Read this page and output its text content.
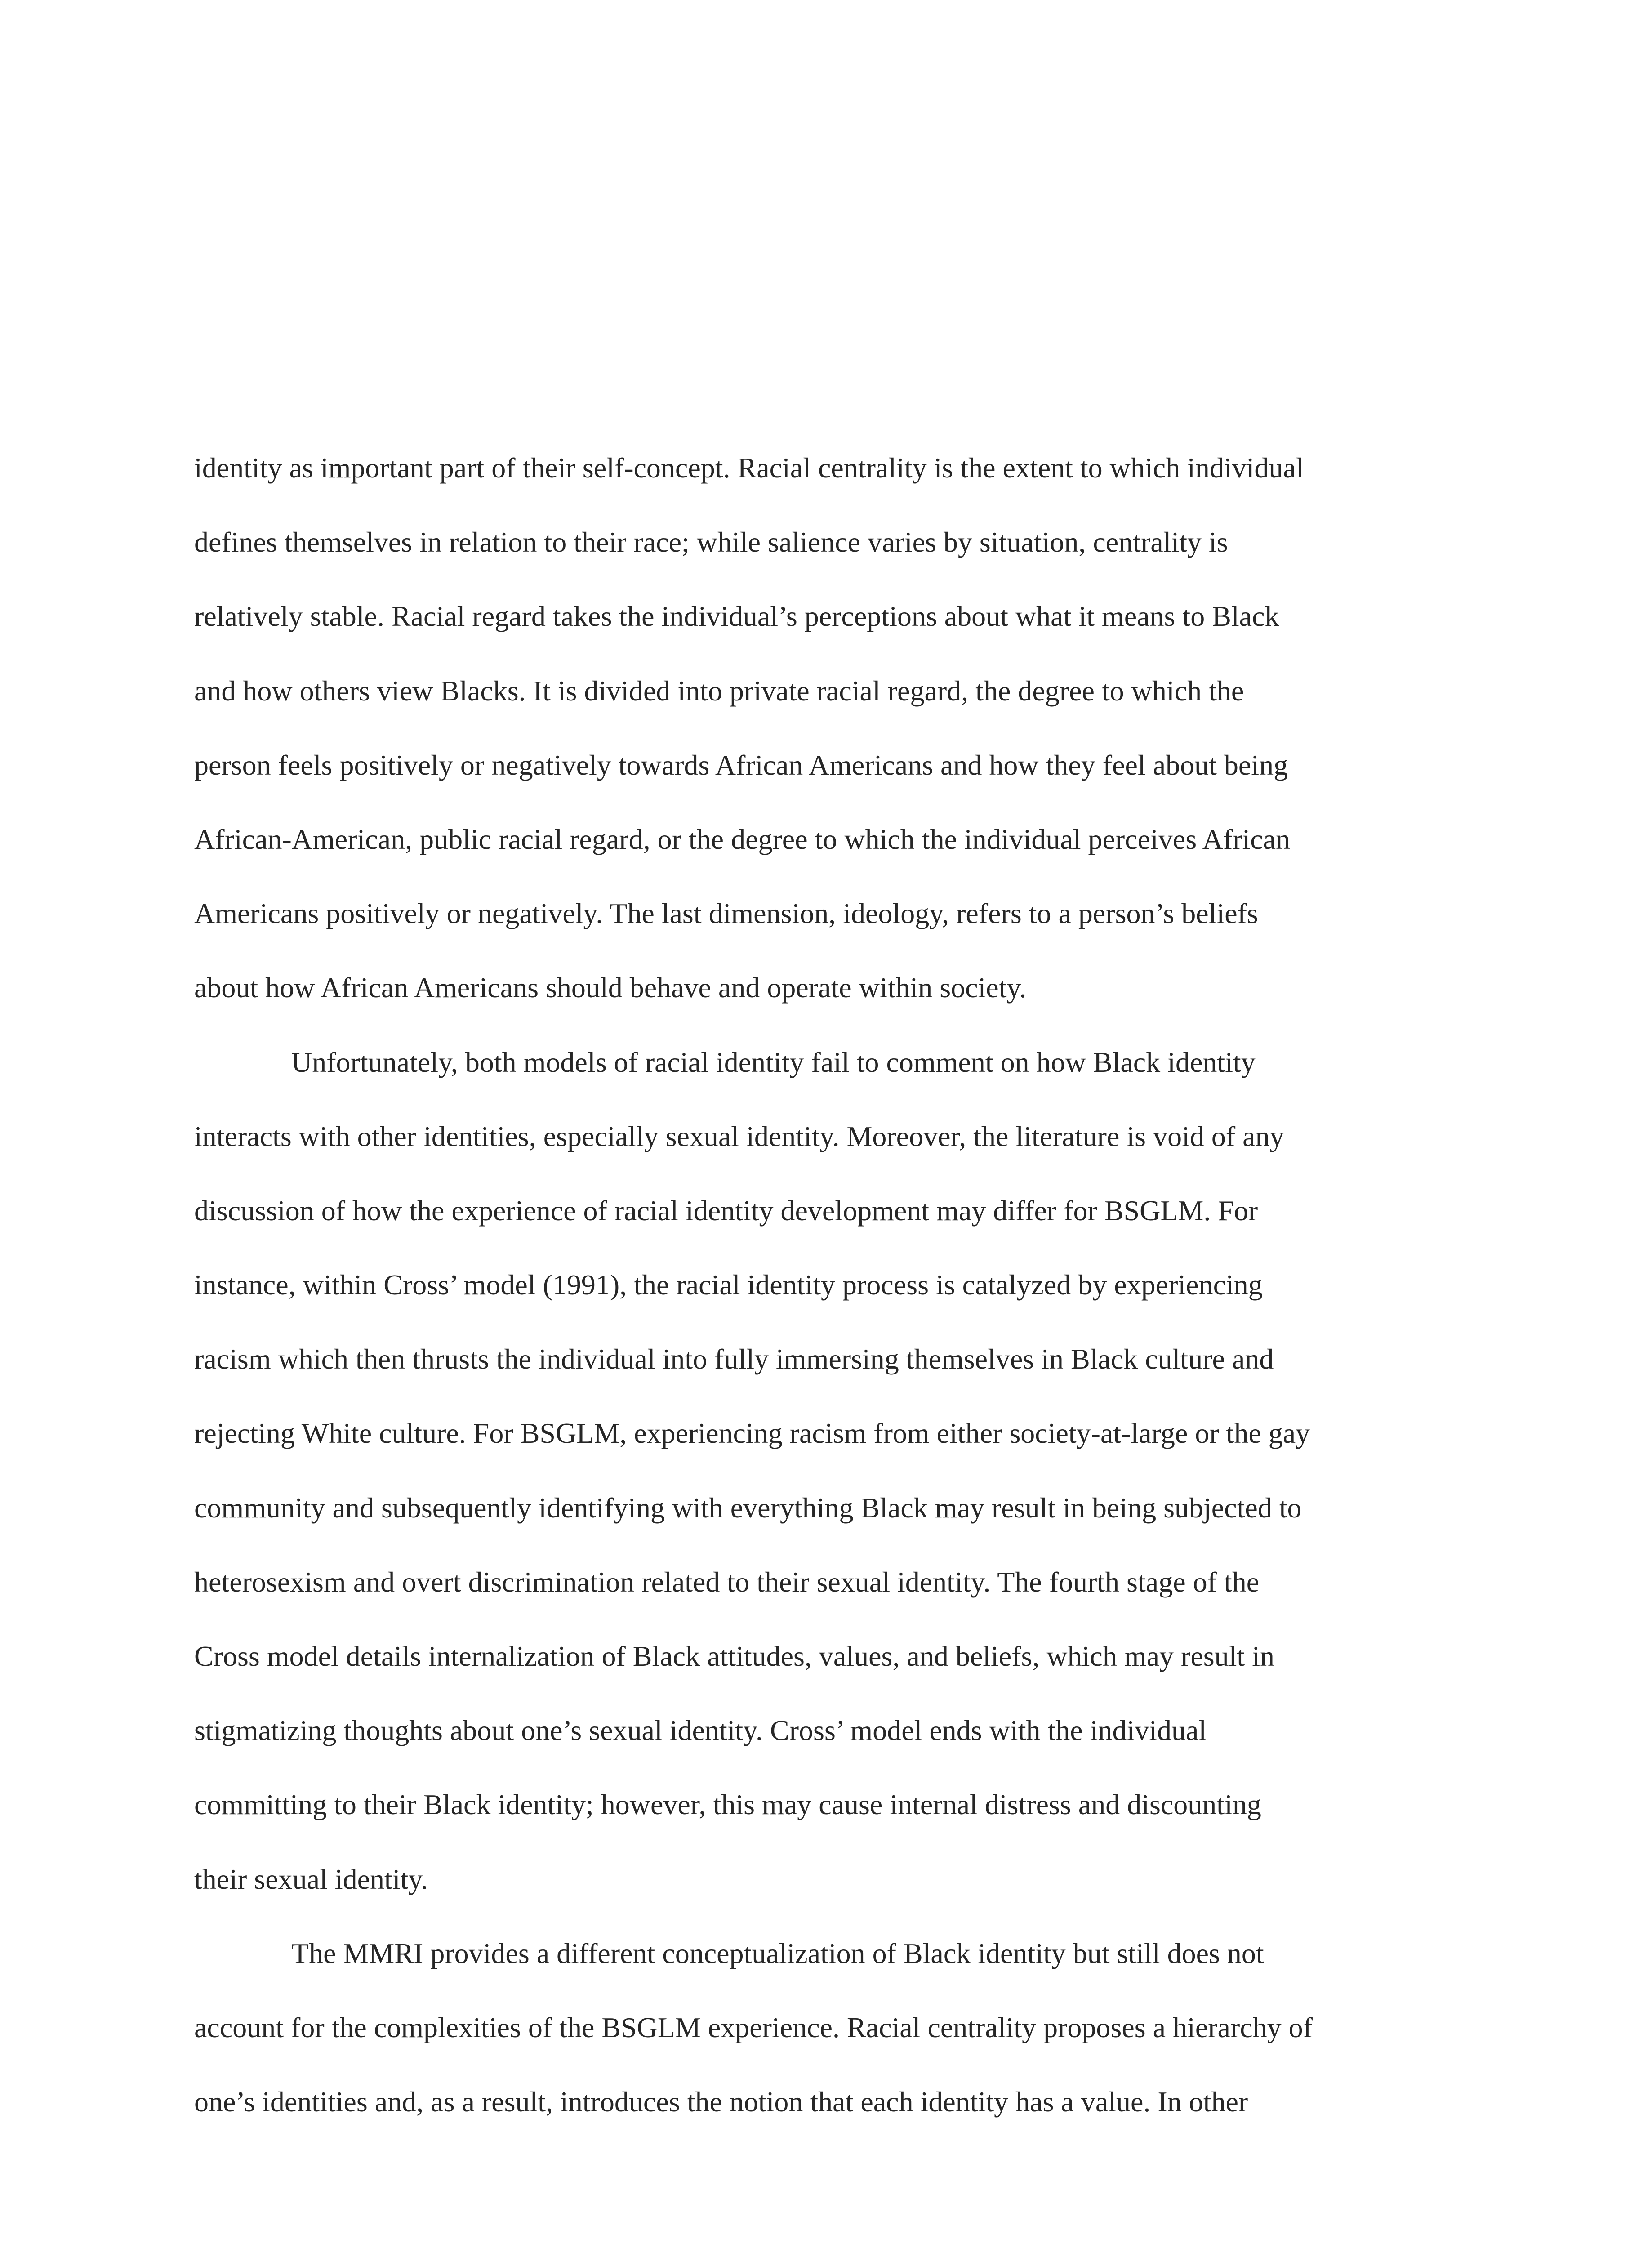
identity as important part of their self-concept. Racial centrality is the extent to which individual
defines themselves in relation to their race; while salience varies by situation, centrality is
relatively stable. Racial regard takes the individual’s perceptions about what it means to Black
and how others view Blacks. It is divided into private racial regard, the degree to which the
person feels positively or negatively towards African Americans and how they feel about being
African-American, public racial regard, or the degree to which the individual perceives African
Americans positively or negatively. The last dimension, ideology, refers to a person’s beliefs
about how African Americans should behave and operate within society.
Unfortunately, both models of racial identity fail to comment on how Black identity
interacts with other identities, especially sexual identity. Moreover, the literature is void of any
discussion of how the experience of racial identity development may differ for BSGLM. For
instance, within Cross’ model (1991), the racial identity process is catalyzed by experiencing
racism which then thrusts the individual into fully immersing themselves in Black culture and
rejecting White culture. For BSGLM, experiencing racism from either society-at-large or the gay
community and subsequently identifying with everything Black may result in being subjected to
heterosexism and overt discrimination related to their sexual identity. The fourth stage of the
Cross model details internalization of Black attitudes, values, and beliefs, which may result in
stigmatizing thoughts about one’s sexual identity. Cross’ model ends with the individual
committing to their Black identity; however, this may cause internal distress and discounting
their sexual identity.
The MMRI provides a different conceptualization of Black identity but still does not
account for the complexities of the BSGLM experience. Racial centrality proposes a hierarchy of
one’s identities and, as a result, introduces the notion that each identity has a value. In other
